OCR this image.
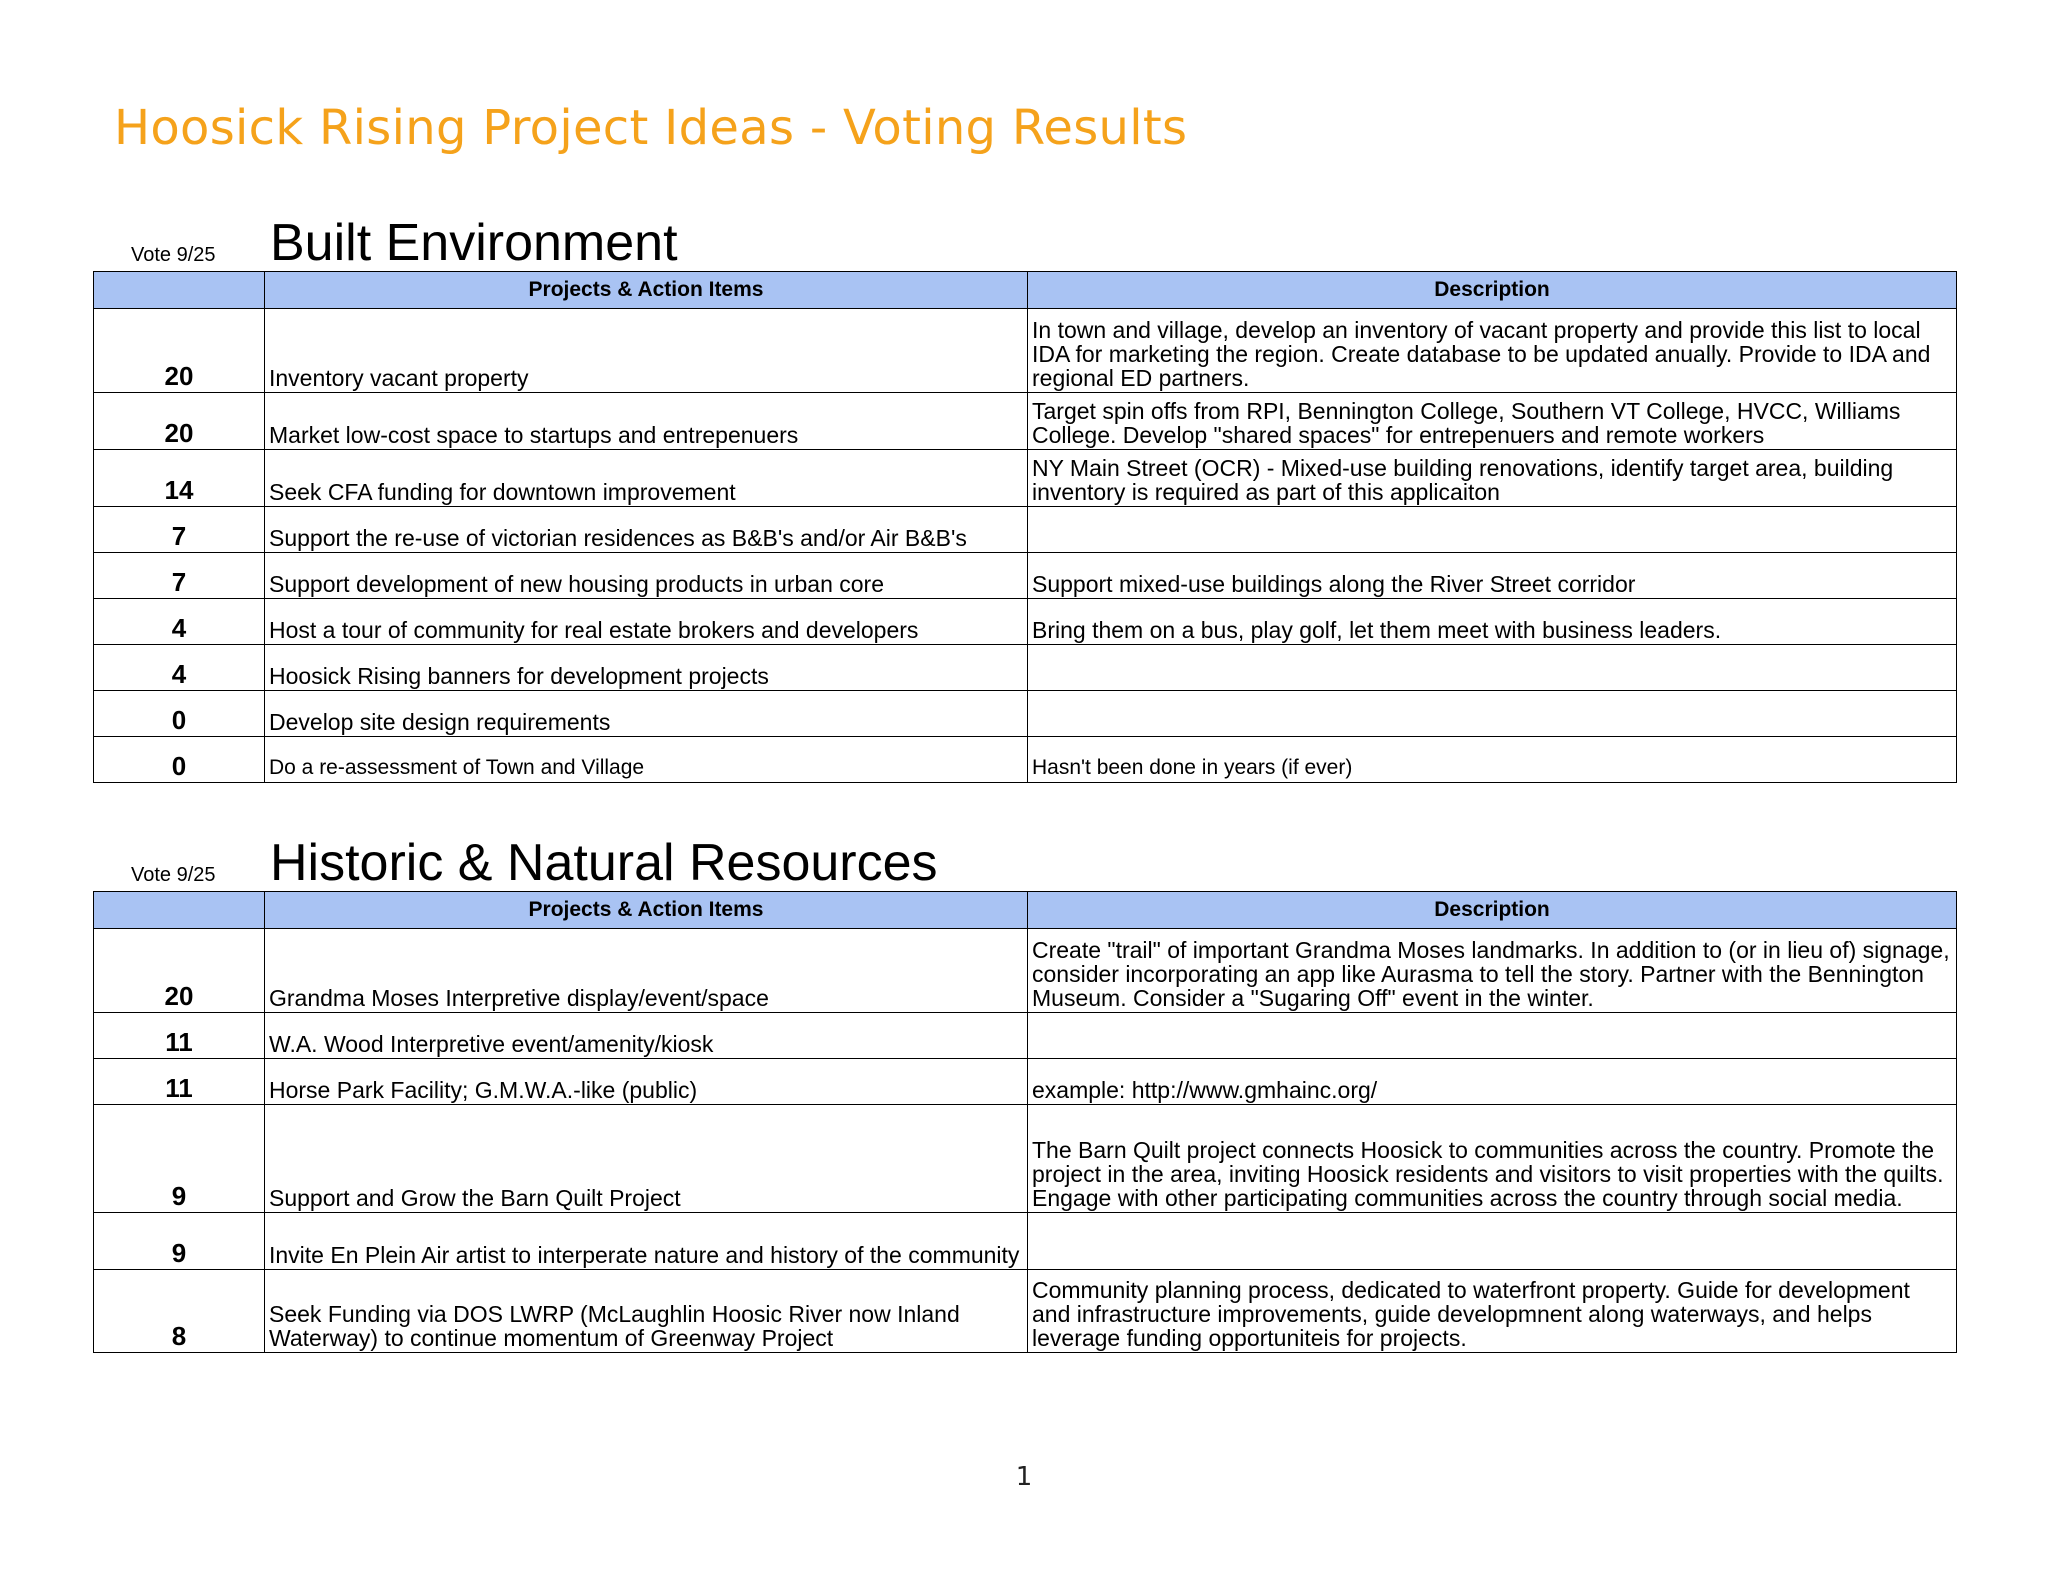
Hoosick Rising Project Ideas - Voting Results
Vote 9/25 Built Environment
	Projects & Action Items	Description
20	Inventory vacant property	In town and village, develop an inventory of vacant property and provide this list to local IDA for marketing the region. Create database to be updated anually. Provide to IDA and regional ED partners.
20	Market low-cost space to startups and entrepenuers	Target spin offs from RPI, Bennington College, Southern VT College, HVCC, Williams College. Develop "shared spaces" for entrepenuers and remote workers
14	Seek CFA funding for downtown improvement	NY Main Street (OCR) - Mixed-use building renovations, identify target area, building inventory is required as part of this applicaiton
7	Support the re-use of victorian residences as B&B's and/or Air B&B's	
7	Support development of new housing products in urban core	Support mixed-use buildings along the River Street corridor
4	Host a tour of community for real estate brokers and developers	Bring them on a bus, play golf, let them meet with business leaders.
4	Hoosick Rising banners for development projects	
0	Develop site design requirements	
0	Do a re-assessment of Town and Village	Hasn't been done in years (if ever)
Vote 9/25 Historic & Natural Resources
	Projects & Action Items	Description
20	Grandma Moses Interpretive display/event/space	Create "trail" of important Grandma Moses landmarks. In addition to (or in lieu of) signage, consider incorporating an app like Aurasma to tell the story. Partner with the Bennington Museum. Consider a "Sugaring Off" event in the winter.
11	W.A. Wood Interpretive event/amenity/kiosk	
11	Horse Park Facility; G.M.W.A.-like (public)	example: http://www.gmhainc.org/
9	Support and Grow the Barn Quilt Project	The Barn Quilt project connects Hoosick to communities across the country. Promote the project in the area, inviting Hoosick residents and visitors to visit properties with the quilts. Engage with other participating communities across the country through social media.
9	Invite En Plein Air artist to interperate nature and history of the community	
8	Seek Funding via DOS LWRP (McLaughlin Hoosic River now Inland Waterway) to continue momentum of Greenway Project	Community planning process, dedicated to waterfront property. Guide for development and infrastructure improvements, guide developmnent along waterways, and helps leverage funding opportuniteis for projects.
1
